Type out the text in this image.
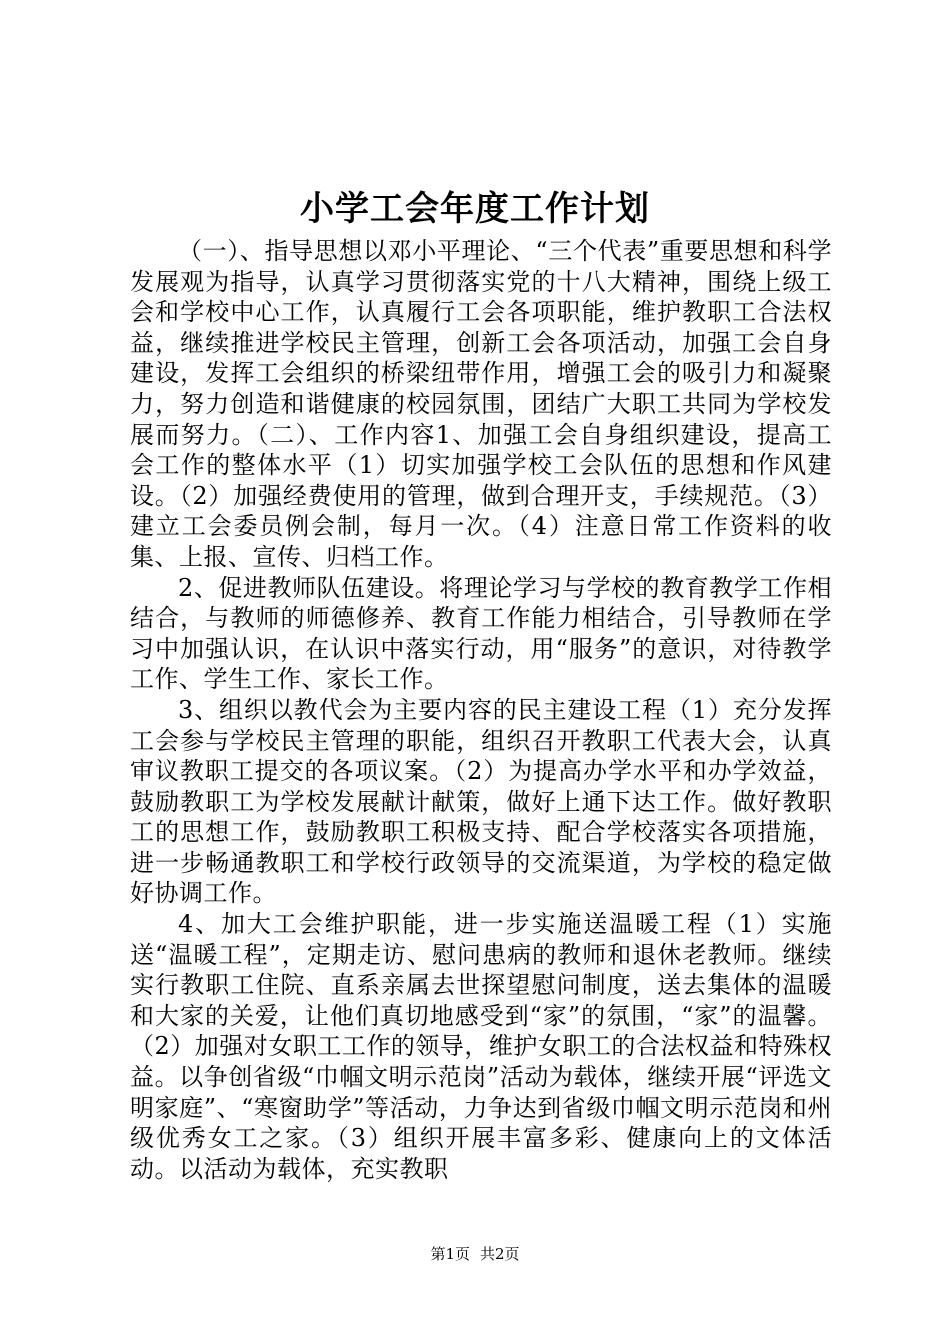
小学工会年度工作计划

（一）、指导思想以邓小平理论、“三个代表”重要思想和科学发展观为指导，认真学习贯彻落实党的十八大精神，围绕上级工会和学校中心工作，认真履行工会各项职能，维护教职工合法权益，继续推进学校民主管理，创新工会各项活动，加强工会自身建设，发挥工会组织的桥梁纽带作用，增强工会的吸引力和凝聚力，努力创造和谐健康的校园氛围，团结广大职工共同为学校发展而努力。（二）、工作内容1、加强工会自身组织建设，提高工会工作的整体水平（1）切实加强学校工会队伍的思想和作风建设。（2）加强经费使用的管理，做到合理开支，手续规范。（3）建立工会委员例会制，每月一次。（4）注意日常工作资料的收集、上报、宣传、归档工作。

2、促进教师队伍建设。将理论学习与学校的教育教学工作相结合，与教师的师德修养、教育工作能力相结合，引导教师在学习中加强认识，在认识中落实行动，用“服务”的意识，对待教学工作、学生工作、家长工作。

3、组织以教代会为主要内容的民主建设工程（1）充分发挥工会参与学校民主管理的职能，组织召开教职工代表大会，认真审议教职工提交的各项议案。（2）为提高办学水平和办学效益，鼓励教职工为学校发展献计献策，做好上通下达工作。做好教职工的思想工作，鼓励教职工积极支持、配合学校落实各项措施，进一步畅通教职工和学校行政领导的交流渠道，为学校的稳定做好协调工作。

4、加大工会维护职能，进一步实施送温暖工程（1）实施送“温暖工程”，定期走访、慰问患病的教师和退休老教师。继续实行教职工住院、直系亲属去世探望慰问制度，送去集体的温暖和大家的关爱，让他们真切地感受到“家”的氛围，“家”的温馨。（2）加强对女职工工作的领导，维护女职工的合法权益和特殊权益。以争创省级“巾帼文明示范岗”活动为载体，继续开展“评选文明家庭”、“寒窗助学”等活动，力争达到省级巾帼文明示范岗和州级优秀女工之家。（3）组织开展丰富多彩、健康向上的文体活动。以活动为载体，充实教职

第1页 共2页
